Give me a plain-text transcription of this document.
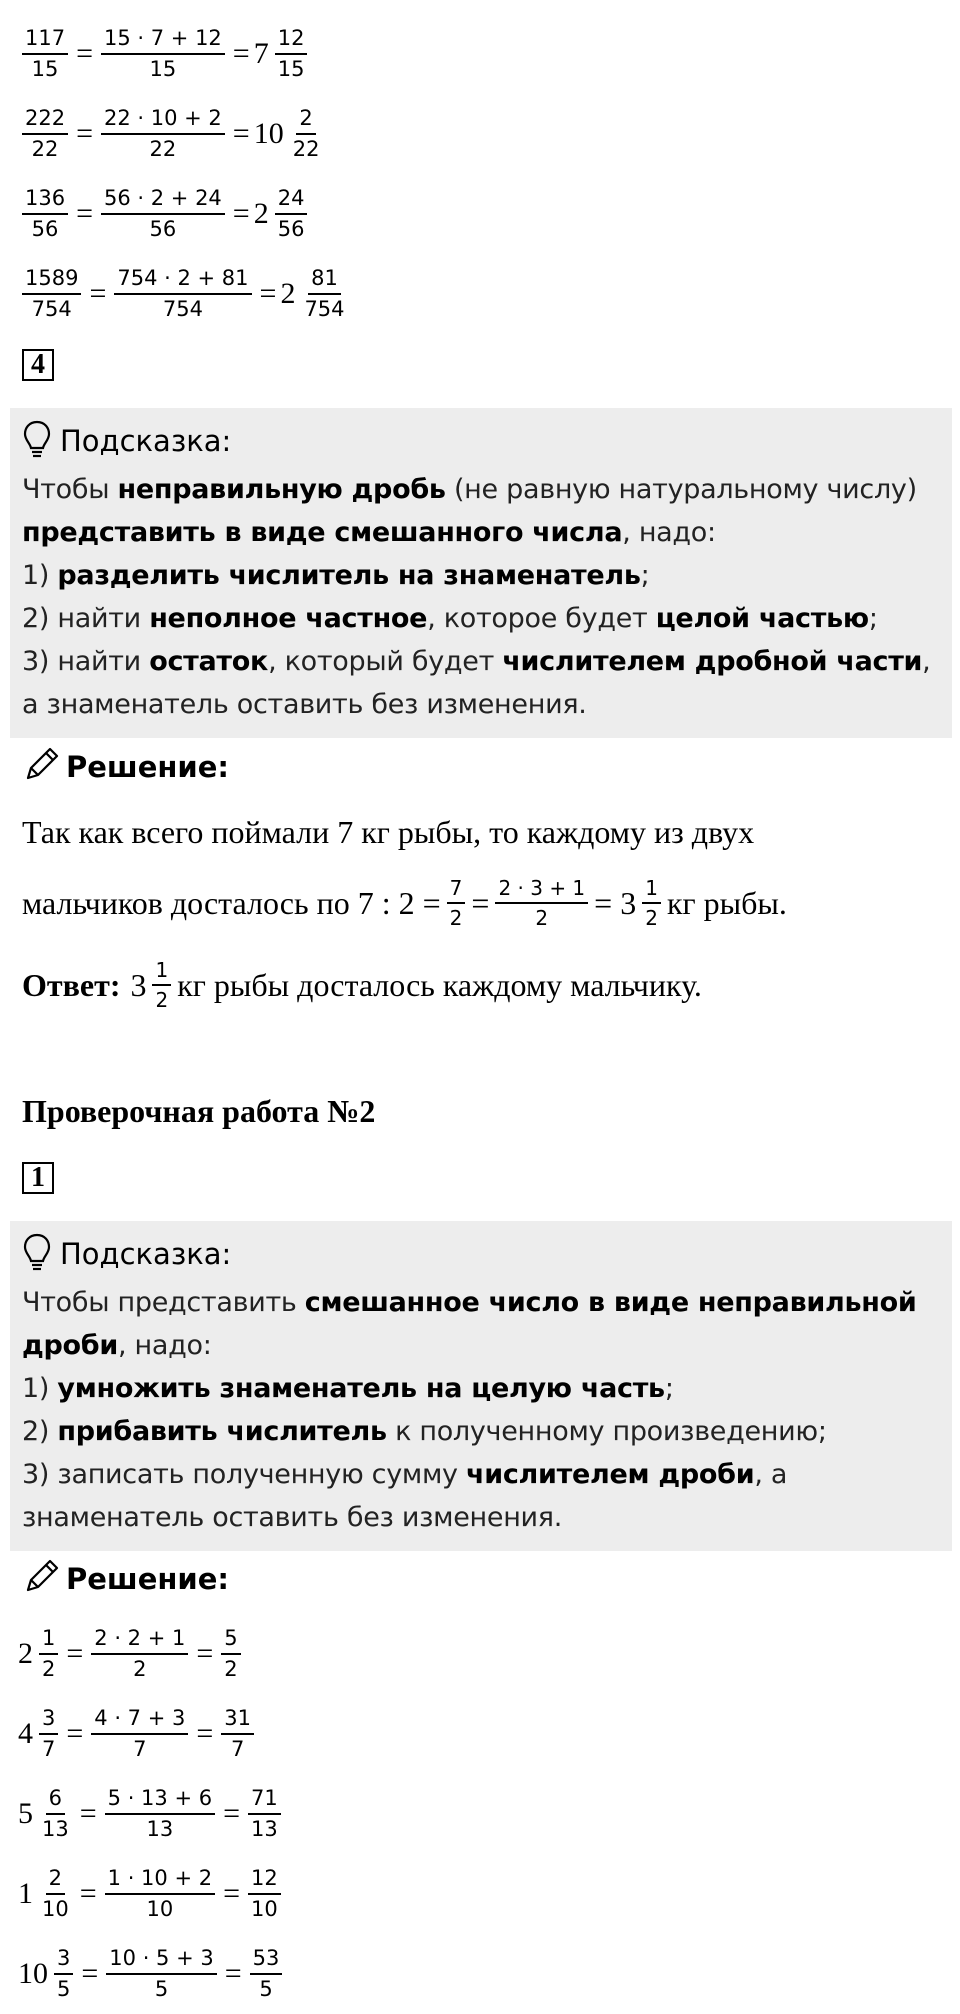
$\frac{117}{15} = \frac{15 \cdot 7 + 12}{15} = 7 \frac{12}{15}$
$\frac{222}{22} = \frac{22 \cdot 10 + 2}{22} = 10 \frac{2}{22}$
$\frac{136}{56} = \frac{56 \cdot 2 + 24}{56} = 2 \frac{24}{56}$
$\frac{1589}{754} = \frac{754 \cdot 2 + 81}{754} = 2 \frac{81}{754}$
4
Подсказка:
Чтобы неправильную дробь (не равную натуральному числу)
представить в виде смешанного числа, надо:
1) разделить числитель на знаменатель;
2) найти неполное частное, которое будет целой частью;
3) найти остаток, который будет числителем дробной части,
а знаменатель оставить без изменения.
Решение:
Так как всего поймали 7 кг рыбы, то каждому из двух
мальчиков досталось по 7 : $2 = \frac{7}{2} = \frac{2 \cdot 3 + 1}{2} = 3 \frac{1}{2}$ кг рыбы.
Ответ: $3 \frac{1}{2}$ кг рыбы досталось каждому мальчику.
Проверочная работа №2
1
Подсказка:
Чтобы представить смешанное число в виде неправильной
дроби, надо:
1) умножить знаменатель на целую часть;
2) прибавить числитель к полученному произведению;
3) записать полученную сумму числителем дроби, а
знаменатель оставить без изменения.
Решение:
$2 \frac{1}{2} = \frac{2 \cdot 2 + 1}{2} = \frac{5}{2}$
$4 \frac{3}{7} = \frac{4 \cdot 7 + 3}{7} = \frac{31}{7}$
$5 \frac{6}{13} = \frac{5 \cdot 13 + 6}{13} = \frac{71}{13}$
$1 \frac{2}{10} = \frac{1 \cdot 10 + 2}{10} = \frac{12}{10}$
$10 \frac{3}{5} = \frac{10 \cdot 5 + 3}{5} = \frac{53}{5}$
